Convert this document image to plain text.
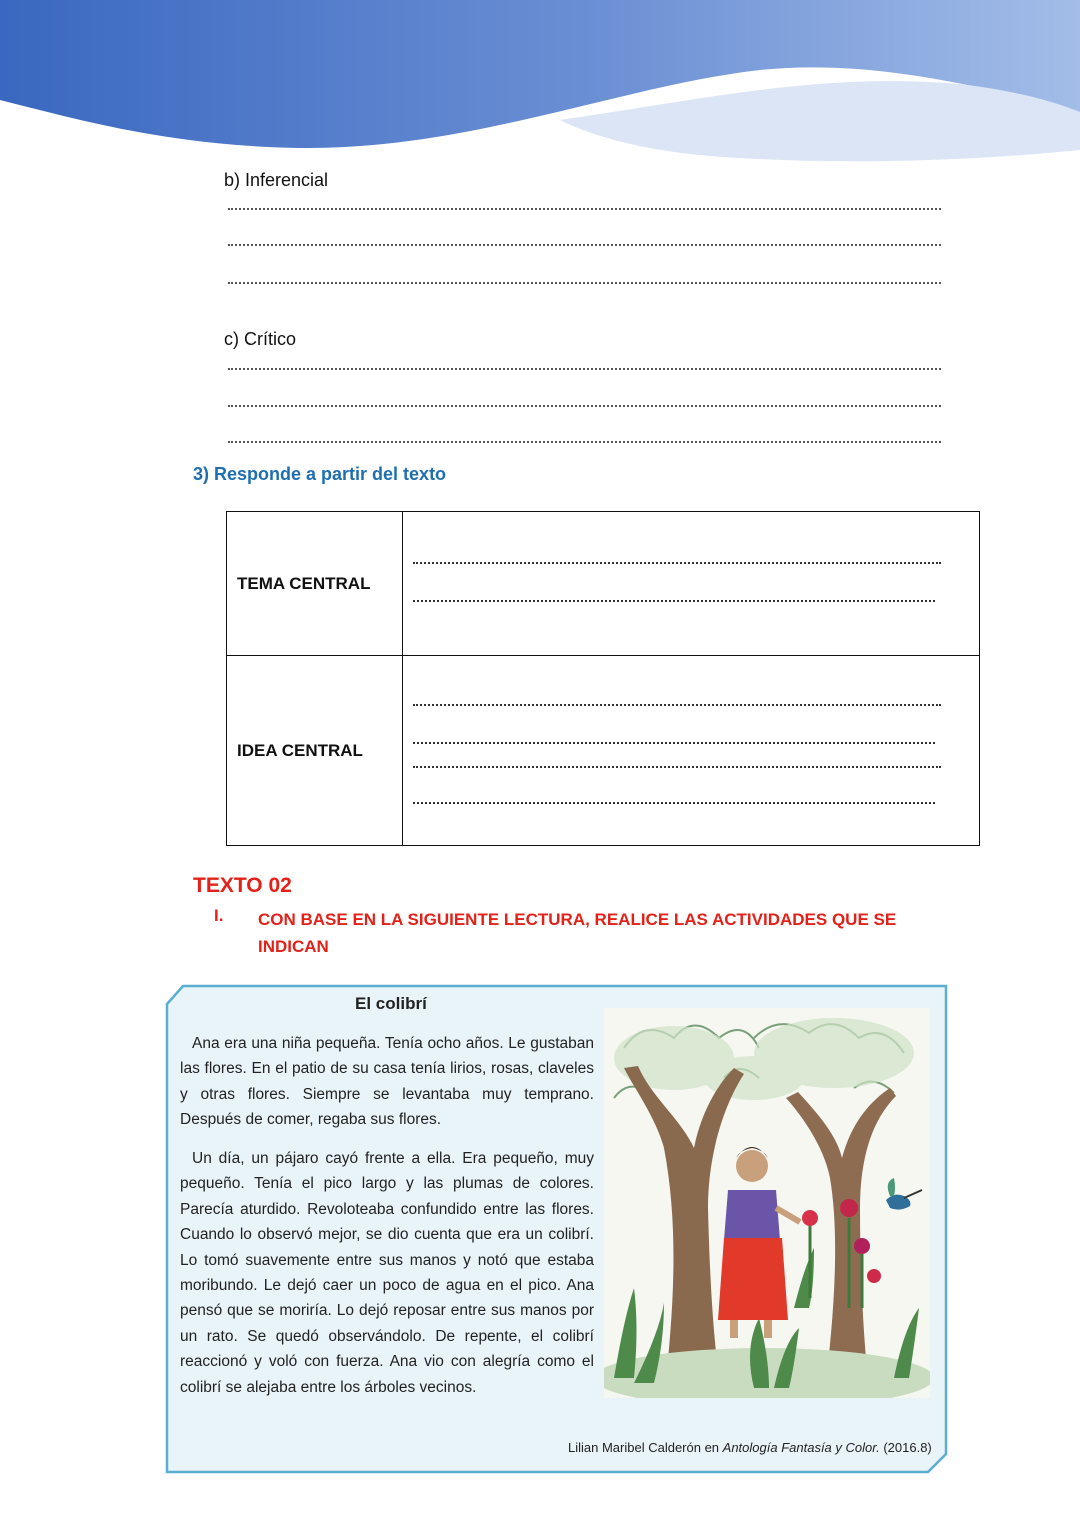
b) Inferencial
c) Crítico
3) Responde a partir del texto
TEMA CENTRAL	

IDEA CENTRAL	
TEXTO 02
I. CON BASE EN LA SIGUIENTE LECTURA, REALICE LAS ACTIVIDADES QUE SE INDICAN
El colibrí

Ana era una niña pequeña. Tenía ocho años. Le gustaban las flores. En el patio de su casa tenía lirios, rosas, claveles y otras flores. Siempre se levantaba muy temprano. Después de comer, regaba sus flores.

Un día, un pájaro cayó frente a ella. Era pequeño, muy pequeño. Tenía el pico largo y las plumas de colores. Parecía aturdido. Revoloteaba confundido entre las flores. Cuando lo observó mejor, se dio cuenta que era un colibrí. Lo tomó suavemente entre sus manos y notó que estaba moribundo. Le dejó caer un poco de agua en el pico. Ana pensó que se moriría. Lo dejó reposar entre sus manos por un rato. Se quedó observándolo. De repente, el colibrí reaccionó y voló con fuerza. Ana vio con alegría como el colibrí se alejaba entre los árboles vecinos.

Lilian Maribel Calderón en Antología Fantasía y Color. (2016.8)
